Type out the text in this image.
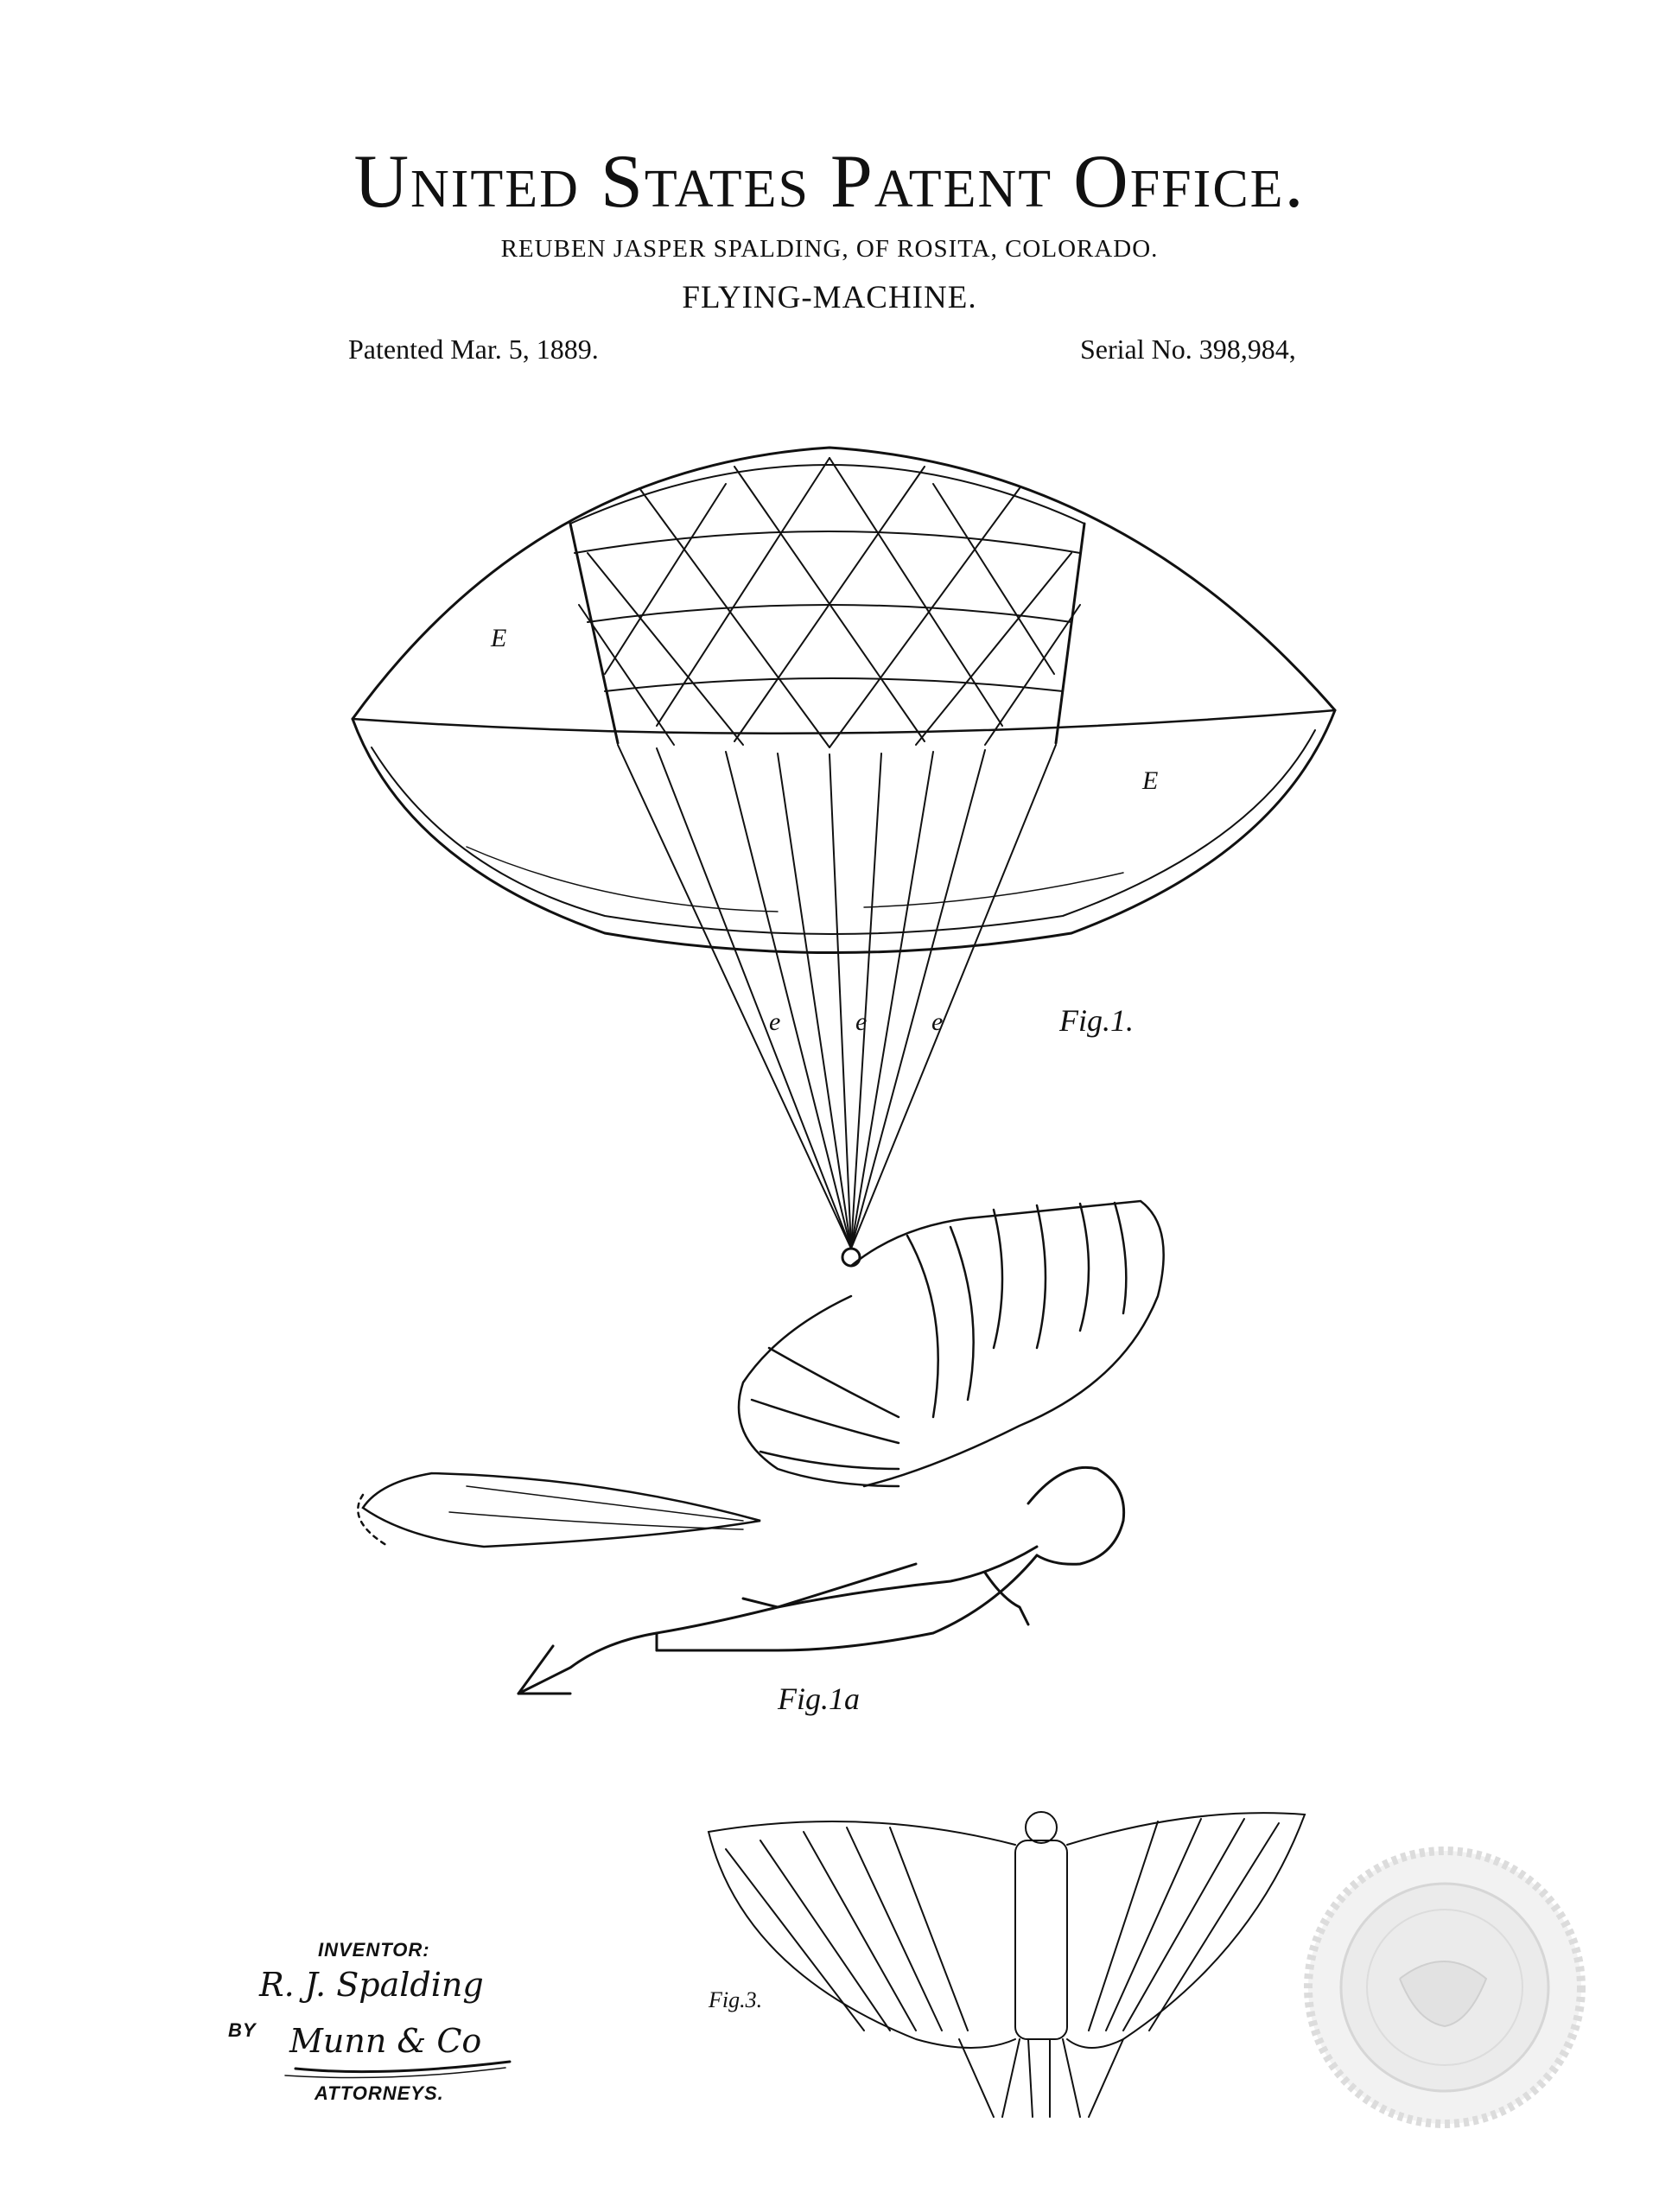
United States Patent Office.
REUBEN JASPER SPALDING, OF ROSITA, COLORADO.
FLYING-MACHINE.
Patented Mar. 5, 1889.	Serial No. 398,984,
E
E
e	e e	Fig.1.
Fig.1a
Fig.3.
INVENTOR:
R. J. Spalding
BY Munn & Co
ATTORNEYS.
